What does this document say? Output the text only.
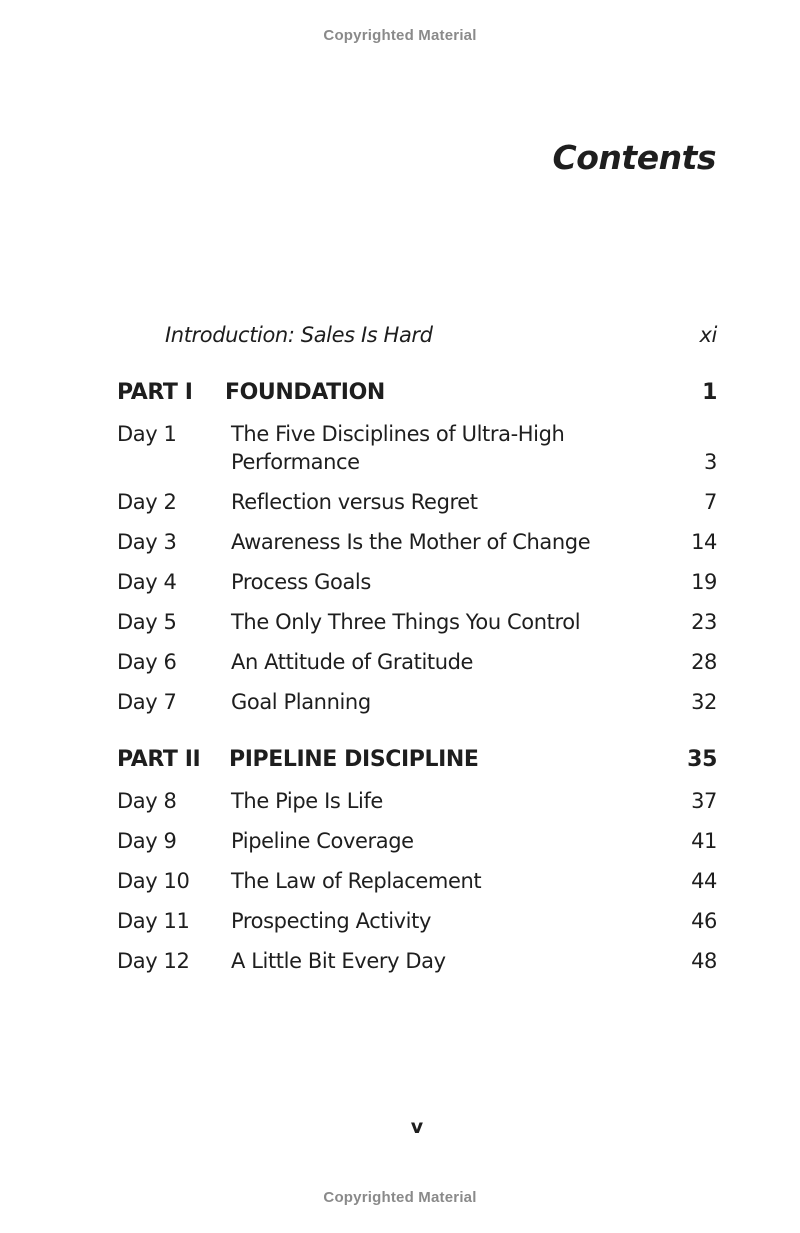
Copyrighted Material
Contents
Introduction: Sales Is Hard	xi
PART I FOUNDATION	1
Day 1	The Five Disciplines of Ultra-High
Performance	3
Day 2	Reflection versus Regret	7
Day 3	Awareness Is the Mother of Change	14
Day 4	Process Goals	19
Day 5	The Only Three Things You Control	23
Day 6	An Attitude of Gratitude	28
Day 7	Goal Planning	32
PART II PIPELINE DISCIPLINE	35
Day 8	The Pipe Is Life	37
Day 9	Pipeline Coverage	41
Day 10 The Law of Replacement	44
Day 11 Prospecting Activity	46
Day 12 A Little Bit Every Day	48
v
Copyrighted Material
